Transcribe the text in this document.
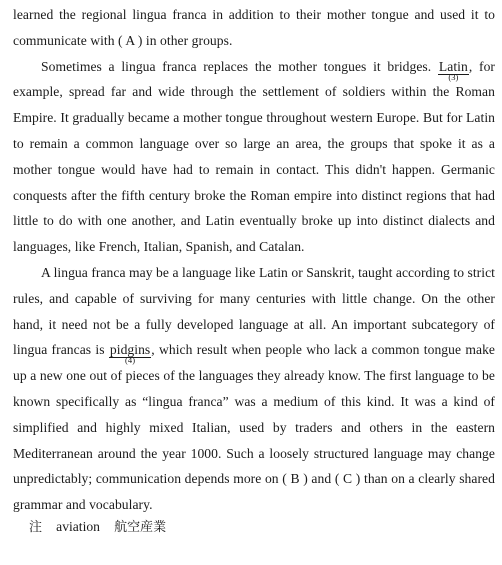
learned the regional lingua franca in addition to their mother tongue and used it to communicate with ( A ) in other groups.

Sometimes a lingua franca replaces the mother tongues it bridges. Latin
(3)
, for example, spread far and wide through the settlement of soldiers within the Roman Empire. It gradually became a mother tongue throughout western Europe. But for Latin to remain a common language over so large an area, the groups that spoke it as a mother tongue would have had to remain in contact. This didn't happen. Germanic conquests after the fifth century broke the Roman empire into distinct regions that had little to do with one another, and Latin eventually broke up into distinct dialects and languages, like French, Italian, Spanish, and Catalan.

A lingua franca may be a language like Latin or Sanskrit, taught according to strict rules, and capable of surviving for many centuries with little change. On the other hand, it need not be a fully developed language at all. An important subcategory of lingua francas is pidgins
(4)
, which result when people who lack a common tongue make up a new one out of pieces of the languages they already know. The first language to be known specifically as “lingua franca” was a medium of this kind. It was a kind of simplified and highly mixed Italian, used by traders and others in the eastern Mediterranean around the year 1000. Such a loosely structured language may change unpredictably; communication depends more on ( B ) and ( C ) than on a clearly shared grammar and vocabulary.

注 aviation 航空産業
